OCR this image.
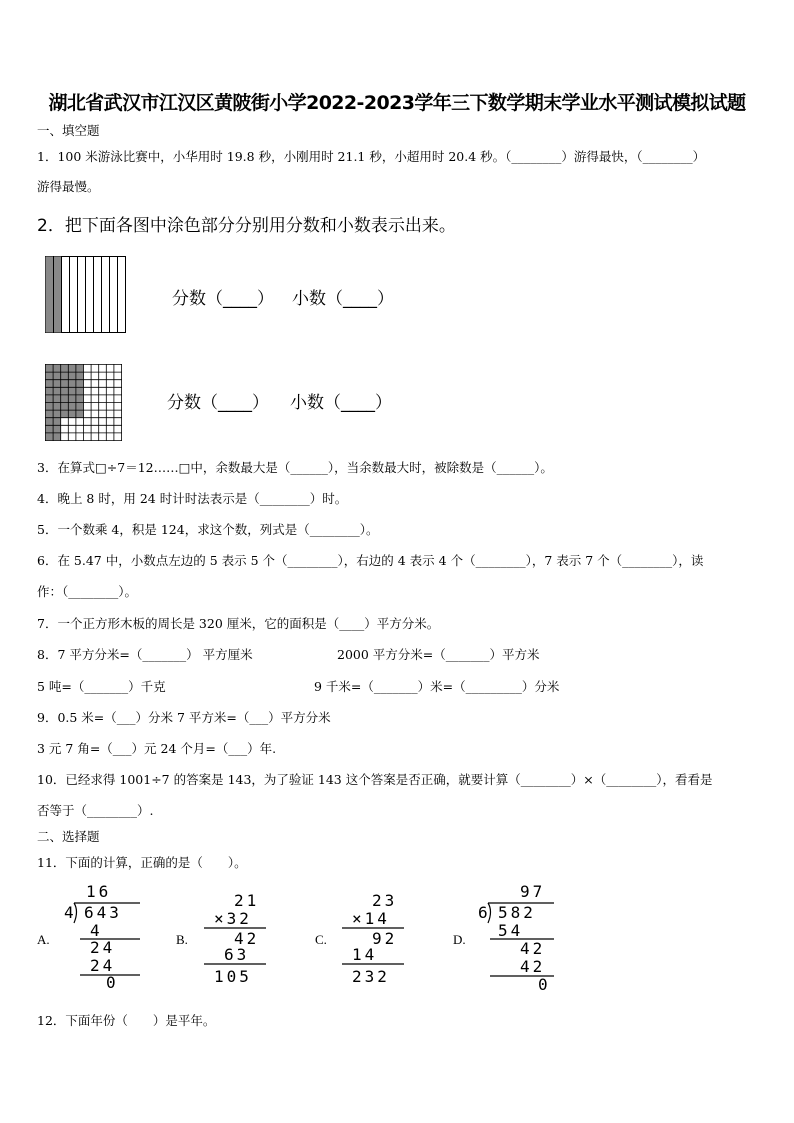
湖北省武汉市江汉区黄陂街小学2022-2023学年三下数学期末学业水平测试模拟试题
一、填空题
1．100 米游泳比赛中，小华用时 19.8 秒，小刚用时 21.1 秒，小超用时 20.4 秒。（________）游得最快，（________）
游得最慢。
2．把下面各图中涂色部分分别用分数和小数表示出来。
分数（____） 小数（____）
分数（____） 小数（____）
3．在算式□÷7＝12……□中，余数最大是（______），当余数最大时，被除数是（______）。
4．晚上 8 时，用 24 时计时法表示是（________）时。
5．一个数乘 4，积是 124，求这个数，列式是（________）。
6．在 5.47 中，小数点左边的 5 表示 5 个（________），右边的 4 表示 4 个（________），7 表示 7 个（________），读
作：（________）。
7．一个正方形木板的周长是 320 厘米，它的面积是（____）平方分米。
8．7 平方分米=（_______） 平方厘米	2000 平方分米=（_______）平方米
5 吨=（_______）千克	9 千米=（_______）米=（_________）分米
9．0.5 米=（___）分米 7 平方米=（___）平方分米
3 元 7 角=（___）元 24 个月=（___）年.
10．已经求得 1001÷7 的答案是 143，为了验证 143 这个答案是否正确，就要计算（________）×（________），看看是
否等于（________）.
二、选择题
11．下面的计算，正确的是（　　）。
A.
16
4 643
4
24
24
0
B.
21
×32
42
63
105
C.
23
×14
92
14
232
D.
97
6 582
54
42
42
0
12．下面年份（　　）是平年。
